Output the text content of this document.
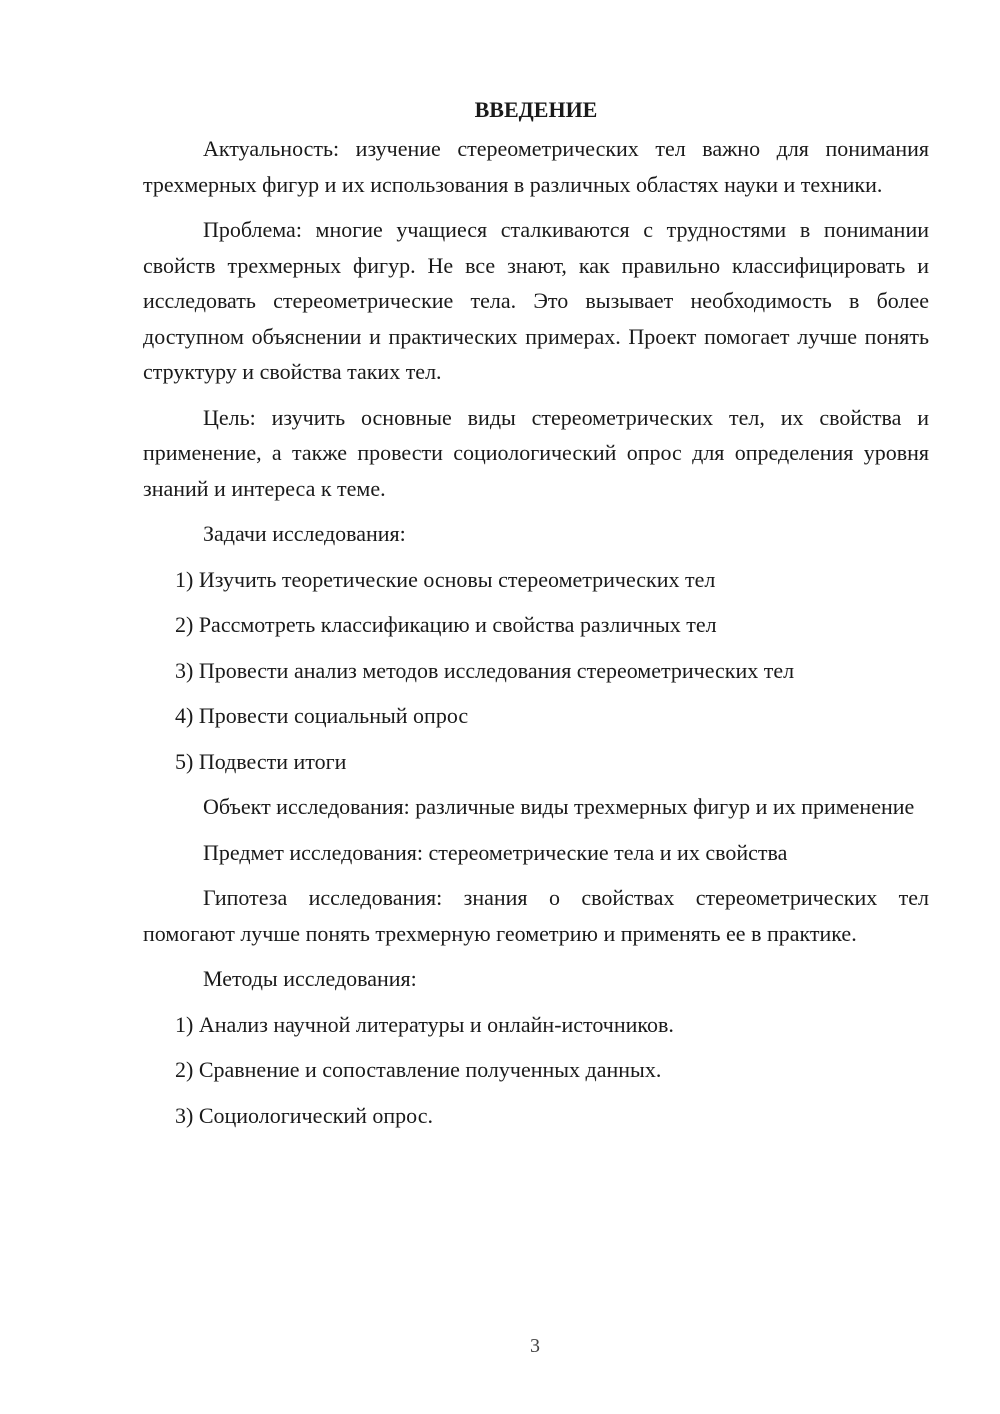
ВВЕДЕНИЕ

Актуальность: изучение стереометрических тел важно для понимания трехмерных фигур и их использования в различных областях науки и техники.

Проблема: многие учащиеся сталкиваются с трудностями в понимании свойств трехмерных фигур. Не все знают, как правильно классифицировать и исследовать стереометрические тела. Это вызывает необходимость в более доступном объяснении и практических примерах. Проект помогает лучше понять структуру и свойства таких тел.

Цель: изучить основные виды стереометрических тел, их свойства и применение, а также провести социологический опрос для определения уровня знаний и интереса к теме.

Задачи исследования:
1) Изучить теоретические основы стереометрических тел
2) Рассмотреть классификацию и свойства различных тел
3) Провести анализ методов исследования стереометрических тел
4) Провести социальный опрос
5) Подвести итоги

Объект исследования: различные виды трехмерных фигур и их применение

Предмет исследования: стереометрические тела и их свойства

Гипотеза исследования: знания о свойствах стереометрических тел помогают лучше понять трехмерную геометрию и применять ее в практике.

Методы исследования:
1) Анализ научной литературы и онлайн-источников.
2) Сравнение и сопоставление полученных данных.
3) Социологический опрос.
3
